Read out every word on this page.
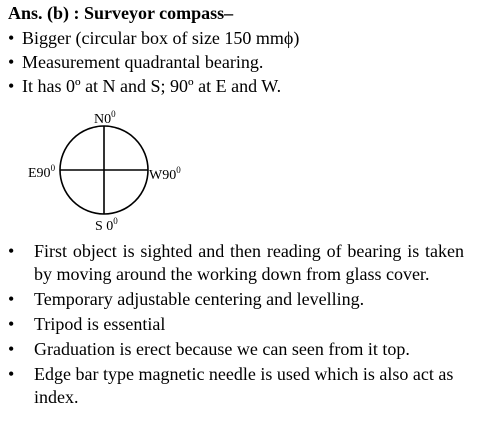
Ans. (b) : Surveyor compass–
• Bigger (circular box of size 150 mmϕ)
• Measurement quadrantal bearing.
• It has 0º at N and S; 90º at E and W.
$N0^0$
S $0^0$
$E90^0$	$W90^0$
•	First object is sighted and then reading of bearing is taken by moving around the working down from glass cover.
•	Temporary adjustable centering and levelling.
•	Tripod is essential
•	Graduation is erect because we can seen from it top.
•	Edge bar type magnetic needle is used which is also act as index.
